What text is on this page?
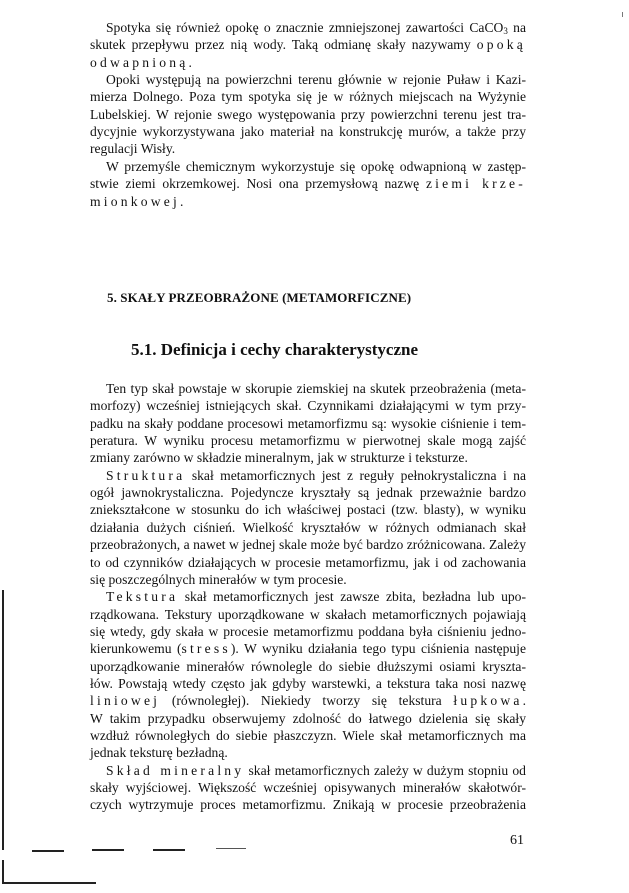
Spotyka się również opokę o znacznie zmniejszonej zawartości CaCO$_3$ na
skutek przepływu przez nią wody. Taką odmianę skały nazywamy opoką
odwapnioną.
Opoki występują na powierzchni terenu głównie w rejonie Puław i Kazi-
mierza Dolnego. Poza tym spotyka się je w różnych miejscach na Wyżynie
Lubelskiej. W rejonie swego występowania przy powierzchni terenu jest tra-
dycyjnie wykorzystywana jako materiał na konstrukcję murów, a także przy
regulacji Wisły.
W przemyśle chemicznym wykorzystuje się opokę odwapnioną w zastęp-
stwie ziemi okrzemkowej. Nosi ona przemysłową nazwę ziemi krze-
mionkowej.
5. SKAŁY PRZEOBRAŻONE (METAMORFICZNE)
5.1. Definicja i cechy charakterystyczne
Ten typ skał powstaje w skorupie ziemskiej na skutek przeobrażenia (meta-
morfozy) wcześniej istniejących skał. Czynnikami działającymi w tym przy-
padku na skały poddane procesowi metamorfizmu są: wysokie ciśnienie i tem-
peratura. W wyniku procesu metamorfizmu w pierwotnej skale mogą zajść
zmiany zarówno w składzie mineralnym, jak w strukturze i teksturze.
Struktura skał metamorficznych jest z reguły pełnokrystaliczna i na
ogół jawnokrystaliczna. Pojedyncze kryształy są jednak przeważnie bardzo
zniekształcone w stosunku do ich właściwej postaci (tzw. blasty), w wyniku
działania dużych ciśnień. Wielkość kryształów w różnych odmianach skał
przeobrażonych, a nawet w jednej skale może być bardzo zróżnicowana. Zależy
to od czynników działających w procesie metamorfizmu, jak i od zachowania
się poszczególnych minerałów w tym procesie.
Tekstura skał metamorficznych jest zawsze zbita, bezładna lub upo-
rządkowana. Tekstury uporządkowane w skałach metamorficznych pojawiają
się wtedy, gdy skała w procesie metamorfizmu poddana była ciśnieniu jedno-
kierunkowemu (stress). W wyniku działania tego typu ciśnienia następuje
uporządkowanie minerałów równolegle do siebie dłuższymi osiami krysztа-
łów. Powstają wtedy często jak gdyby warstewki, a tekstura taka nosi nazwę
liniowej (równoległej). Niekiedy tworzy się tekstura łupkowa.
W takim przypadku obserwujemy zdolność do łatwego dzielenia się skały
wzdłuż równoległych do siebie płaszczyzn. Wiele skał metamorficznych ma
jednak teksturę bezładną.
Skład mineralny skał metamorficznych zależy w dużym stopniu od
skały wyjściowej. Większość wcześniej opisywanych minerałów skałotwór-
czych wytrzymuje proces metamorfizmu. Znikają w procesie przeobrażenia
61
